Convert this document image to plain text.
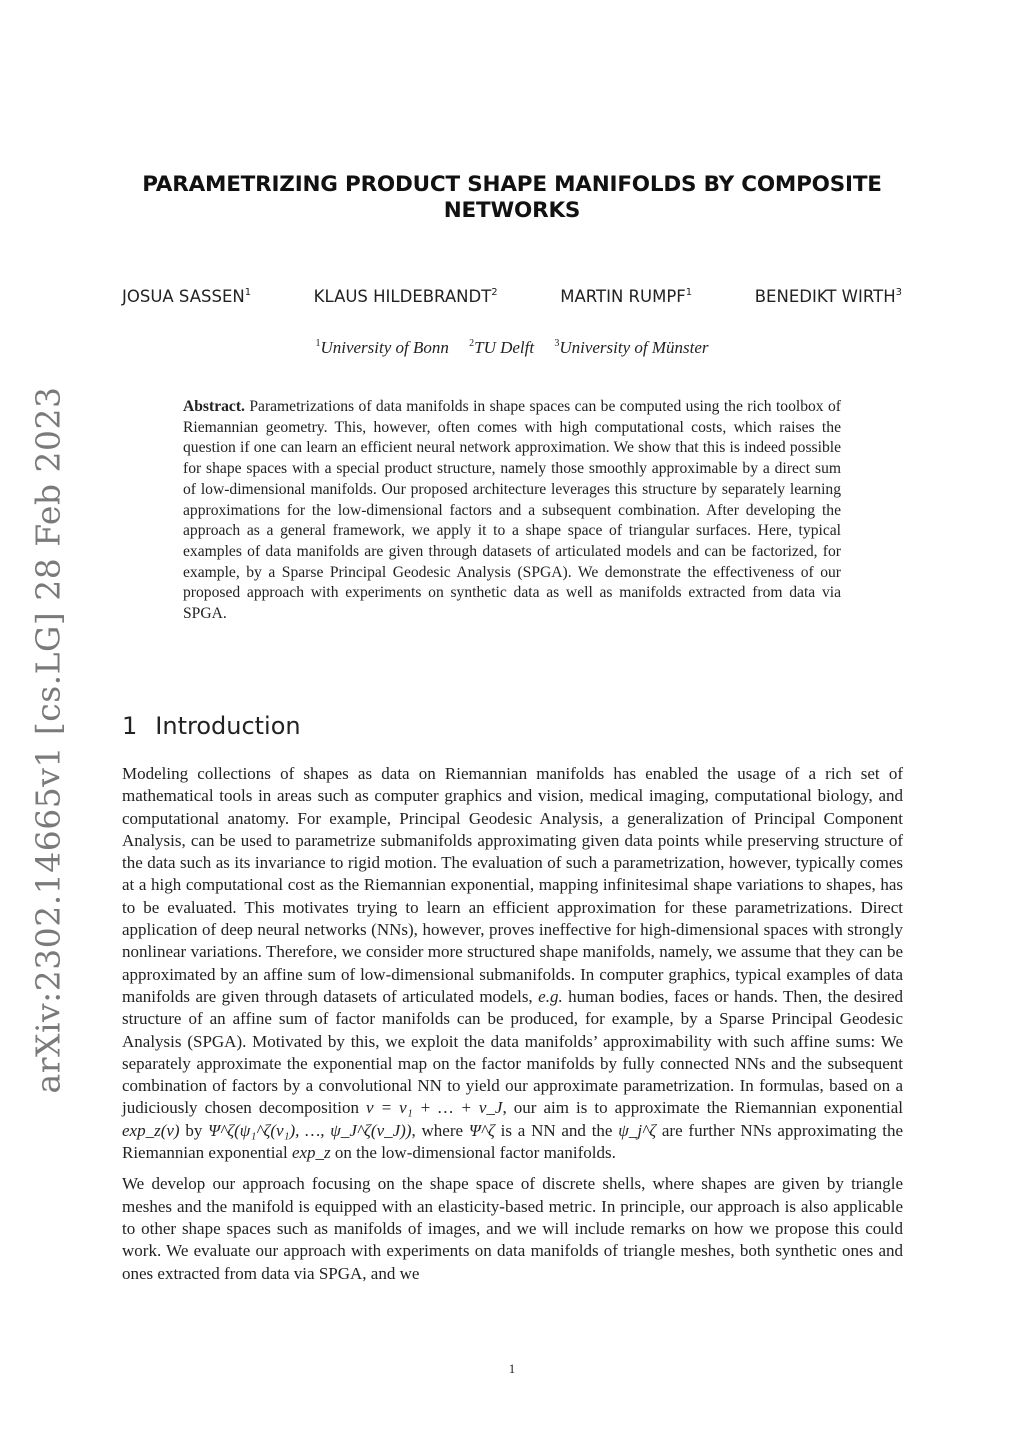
arXiv:2302.14665v1 [cs.LG] 28 Feb 2023
PARAMETRIZING PRODUCT SHAPE MANIFOLDS BY COMPOSITE NETWORKS
JOSUA SASSEN$^1$	KLAUS HILDEBRANDT$^2$	MARTIN RUMPF$^1$	BENEDIKT WIRTH$^3$
$^1$University of Bonn $^2$TU Delft $^3$University of Münster
Abstract. Parametrizations of data manifolds in shape spaces can be computed using the rich toolbox of Riemannian geometry. This, however, often comes with high computational costs, which raises the question if one can learn an efficient neural network approximation. We show that this is indeed possible for shape spaces with a special product structure, namely those smoothly approximable by a direct sum of low-dimensional manifolds. Our proposed architecture leverages this structure by separately learning approximations for the low-dimensional factors and a subsequent combination. After developing the approach as a general framework, we apply it to a shape space of triangular surfaces. Here, typical examples of data manifolds are given through datasets of articulated models and can be factorized, for example, by a Sparse Principal Geodesic Analysis (SPGA). We demonstrate the effectiveness of our proposed approach with experiments on synthetic data as well as manifolds extracted from data via SPGA.
1 Introduction

Modeling collections of shapes as data on Riemannian manifolds has enabled the usage of a rich set of mathematical tools in areas such as computer graphics and vision, medical imaging, computational biology, and computational anatomy. For example, Principal Geodesic Analysis, a generalization of Principal Component Analysis, can be used to parametrize submanifolds approximating given data points while preserving structure of the data such as its invariance to rigid motion. The evaluation of such a parametrization, however, typically comes at a high computational cost as the Riemannian exponential, mapping infinitesimal shape variations to shapes, has to be evaluated. This motivates trying to learn an efficient approximation for these parametrizations. Direct application of deep neural networks (NNs), however, proves ineffective for high-dimensional spaces with strongly nonlinear variations. Therefore, we consider more structured shape manifolds, namely, we assume that they can be approximated by an affine sum of low-dimensional submanifolds. In computer graphics, typical examples of data manifolds are given through datasets of articulated models, e.g. human bodies, faces or hands. Then, the desired structure of an affine sum of factor manifolds can be produced, for example, by a Sparse Principal Geodesic Analysis (SPGA). Motivated by this, we exploit the data manifolds’ approximability with such affine sums: We separately approximate the exponential map on the factor manifolds by fully connected NNs and the subsequent combination of factors by a convolutional NN to yield our approximate parametrization. In formulas, based on a judiciously chosen decomposition v = v₁ + … + v_J, our aim is to approximate the Riemannian exponential exp_z(v) by Ψ^ζ(ψ₁^ζ(v₁), …, ψ_J^ζ(v_J)), where Ψ^ζ is a NN and the ψ_j^ζ are further NNs approximating the Riemannian exponential exp_z on the low-dimensional factor manifolds.

We develop our approach focusing on the shape space of discrete shells, where shapes are given by triangle meshes and the manifold is equipped with an elasticity-based metric. In principle, our approach is also applicable to other shape spaces such as manifolds of images, and we will include remarks on how we propose this could work. We evaluate our approach with experiments on data manifolds of triangle meshes, both synthetic ones and ones extracted from data via SPGA, and we

1
